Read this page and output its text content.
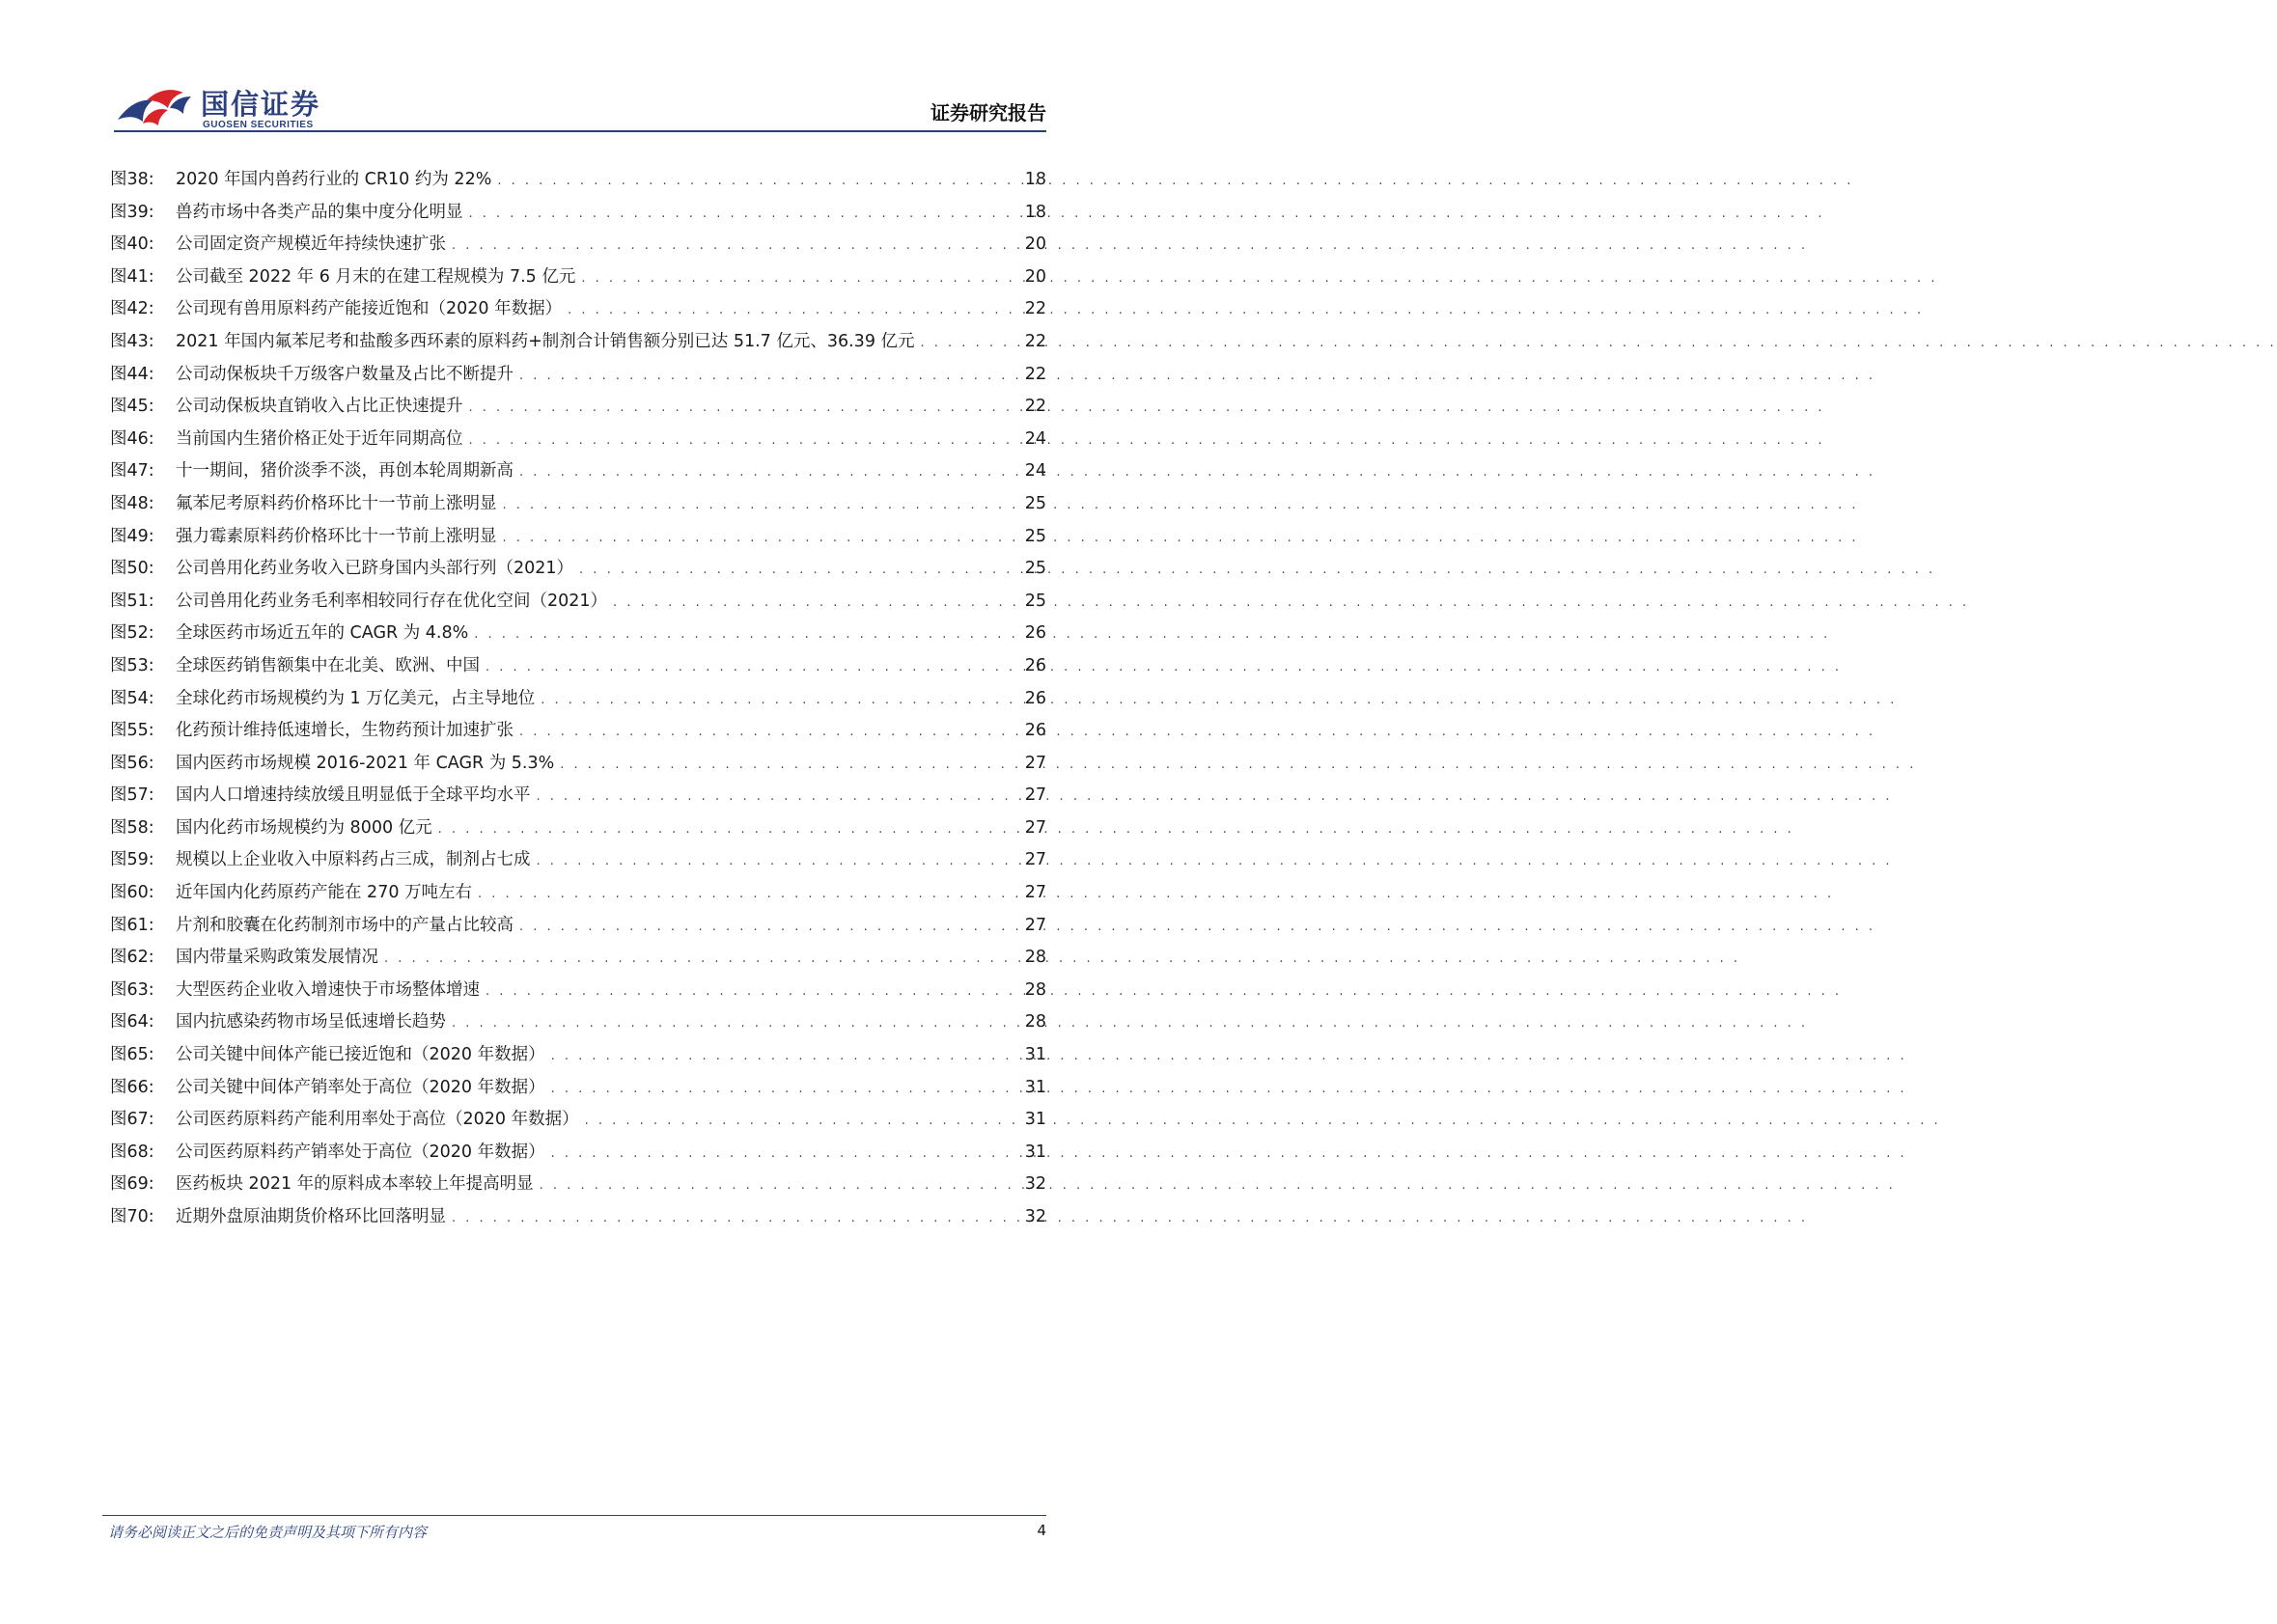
国信证券
GUOSEN SECURITIES
证券研究报告
图38:	2020 年国内兽药行业的 CR10 约为 22% . . .	18
图39:	兽药市场中各类产品的集中度分化明显 . . .	18
图40:	公司固定资产规模近年持续快速扩张 . . .	20
图41:	公司截至 2022 年 6 月末的在建工程规模为 7.5 亿元 . . .	20
图42:	公司现有兽用原料药产能接近饱和（2020 年数据） . . .	22
图43:	2021 年国内氟苯尼考和盐酸多西环素的原料药+制剂合计销售额分别已达 51.7 亿元、36.39 亿元 . . .	22
图44:	公司动保板块千万级客户数量及占比不断提升 . . .	22
图45:	公司动保板块直销收入占比正快速提升 . . .	22
图46:	当前国内生猪价格正处于近年同期高位 . . .	24
图47:	十一期间，猪价淡季不淡，再创本轮周期新高 . . .	24
图48:	氟苯尼考原料药价格环比十一节前上涨明显 . . .	25
图49:	强力霉素原料药价格环比十一节前上涨明显 . . .	25
图50:	公司兽用化药业务收入已跻身国内头部行列（2021） . . .	25
图51:	公司兽用化药业务毛利率相较同行存在优化空间（2021） . . .	25
图52:	全球医药市场近五年的 CAGR 为 4.8% . . .	26
图53:	全球医药销售额集中在北美、欧洲、中国 . . .	26
图54:	全球化药市场规模约为 1 万亿美元，占主导地位 . . .	26
图55:	化药预计维持低速增长，生物药预计加速扩张 . . .	26
图56:	国内医药市场规模 2016-2021 年 CAGR 为 5.3% . . .	27
图57:	国内人口增速持续放缓且明显低于全球平均水平 . . .	27
图58:	国内化药市场规模约为 8000 亿元 . . .	27
图59:	规模以上企业收入中原料药占三成，制剂占七成 . . .	27
图60:	近年国内化药原药产能在 270 万吨左右 . . .	27
图61:	片剂和胶囊在化药制剂市场中的产量占比较高 . . .	27
图62:	国内带量采购政策发展情况 . . .	28
图63:	大型医药企业收入增速快于市场整体增速 . . .	28
图64:	国内抗感染药物市场呈低速增长趋势 . . .	28
图65:	公司关键中间体产能已接近饱和（2020 年数据） . . .	31
图66:	公司关键中间体产销率处于高位（2020 年数据） . . .	31
图67:	公司医药原料药产能利用率处于高位（2020 年数据） . . .	31
图68:	公司医药原料药产销率处于高位（2020 年数据） . . .	31
图69:	医药板块 2021 年的原料成本率较上年提高明显 . . .	32
图70:	近期外盘原油期货价格环比回落明显 . . .	32
请务必阅读正文之后的免责声明及其项下所有内容	4
